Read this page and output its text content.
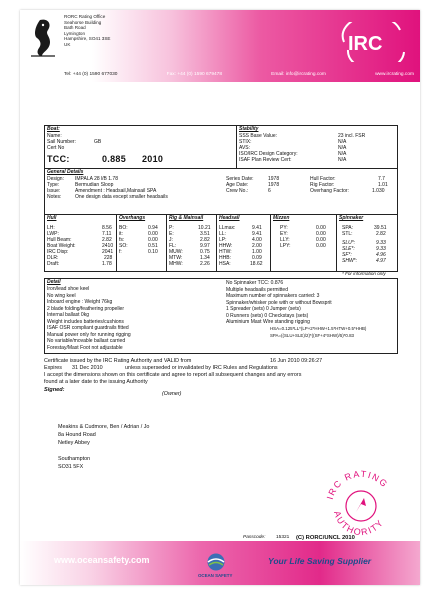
RORC Rating Office
Seahorse Building
Bath Road
Lymington
Hampshire, SO41 3SE
UK	IRC
Tel: +44 (0) 1590 677030	Fax: +44 (0) 1590 679478	Email: info@ircrating.com	www.ircrating.com
Boat:
Name:
Sail Number:	GB
Cert No
TCC:	0.885 2010
Stability
SSS Base Value:	23 incl. FSR
STIX:	N/A
AVS:	N/A
ISO/IRC Design Category:	N/A
ISAF Plan Review Cert:	N/A
General Details
Design: IMPALA 28 l/B 1.78
Type:	Bermudian Sloop
Issue:	Amendment : Headsail,Mainsail SPA
Notes:	One design data except smaller headsails
Series Date:	1978
Age Date:	1978
Crew No.:	6
Hull Factor:	7.7
Rig Factor:	1.01
Overhang Factor:	1.030
Hull
LH:	8.56
LWP:	7.11
Hull Beam:	2.82
Boat Weight:	2410
IRC Disp:	2041
DLR:	228
Draft:	1.78
Overhangs
BO:	0.94
it:	0.00
fs:	0.00
SO:	0.51
f:	0.10
Rig & Mainsail
P:	10.21
E:	3.51
J:	2.82
FL:	9.97
MUW:	0.75
MTW:	1.34
MHW:	2.26
Headsail
LLmax:	9.41
LL:	9.41
LP:	4.00
HHW:	2.00
HTW:	1.00
HHB:	0.09
HSA:	18.62
Mizzen
PY:	0.00
EY:	0.00
LLY:	0.00
LPY:	0.00
Spinnaker
SPA:	39.51
STL:	2.82
SLU*:	9.33
SLE*:	9.33
SF*:	4.96
SHW*:	4.97
* For information only
Detail
Iron/lead shoe keel
No wing keel
Inboard engine : Weight 76kg
2 blade folding/feathering propeller
Internal ballast 0kg
Weight includes batteries/cushions
ISAF OSR compliant guardrails fitted
Manual power only for running rigging
No variable/movable ballast carried
Forestay/Mast Foot not adjustable
No Spinnaker TCC: 0.876
Multiple headsails permitted
Maximum number of spinnakers carried: 3
Spinnaker/whisker pole with or without Bowsprit
1 Spreader (sets) 0 Jumper (sets)
0 Runners (sets) 0 Checkstays (sets)
Aluminium Mast Wire standing rigging
HSA=0.125*LL*(LP+2*HHW+1.5*HTW+0.5*HHB)
SPA=((SLU+SLE)/2)*((SF+4*SHW)/5)*0.83
Certificate issued by the IRC Rating Authority and VALID from	16 Jun 2010 09:26:27
Expires 31 Dec 2010	unless superseded or invalidated by IRC Rules and Regulations
I accept the dimensions shown on this certificate and agree to report all subsequent changes and any errors
found at a later date to the issuing Authority
Signed:
(Owner)
Meakins & Cudmore, Ben / Adrian / Jo
8a Hound Road
Netley Abbey
Southampton
SO31 5FX
IRC RATING
AUTHORITY
Passcode: 15321 (C) RORC/UNCL 2010
www.oceansafety.com
OCEAN SAFETY
Your Life Saving Supplier
